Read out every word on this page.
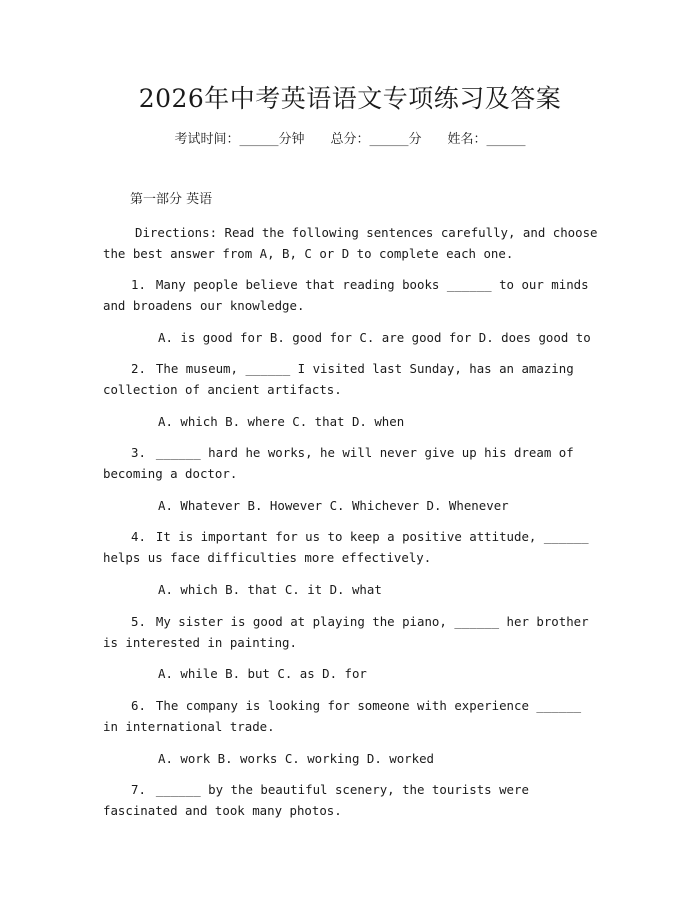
2026年中考英语语文专项练习及答案
考试时间：______分钟 总分：______分 姓名：______
第一部分 英语
Directions: Read the following sentences carefully, and choose the best answer from A, B, C or D to complete each one.
1. Many people believe that reading books ______ to our minds and broadens our knowledge.
A. is good for B. good for C. are good for D. does good to
2. The museum, ______ I visited last Sunday, has an amazing collection of ancient artifacts.
A. which B. where C. that D. when
3. ______ hard he works, he will never give up his dream of becoming a doctor.
A. Whatever B. However C. Whichever D. Whenever
4. It is important for us to keep a positive attitude, ______ helps us face difficulties more effectively.
A. which B. that C. it D. what
5. My sister is good at playing the piano, ______ her brother is interested in painting.
A. while B. but C. as D. for
6. The company is looking for someone with experience ______ in international trade.
A. work B. works C. working D. worked
7. ______ by the beautiful scenery, the tourists were fascinated and took many photos.
